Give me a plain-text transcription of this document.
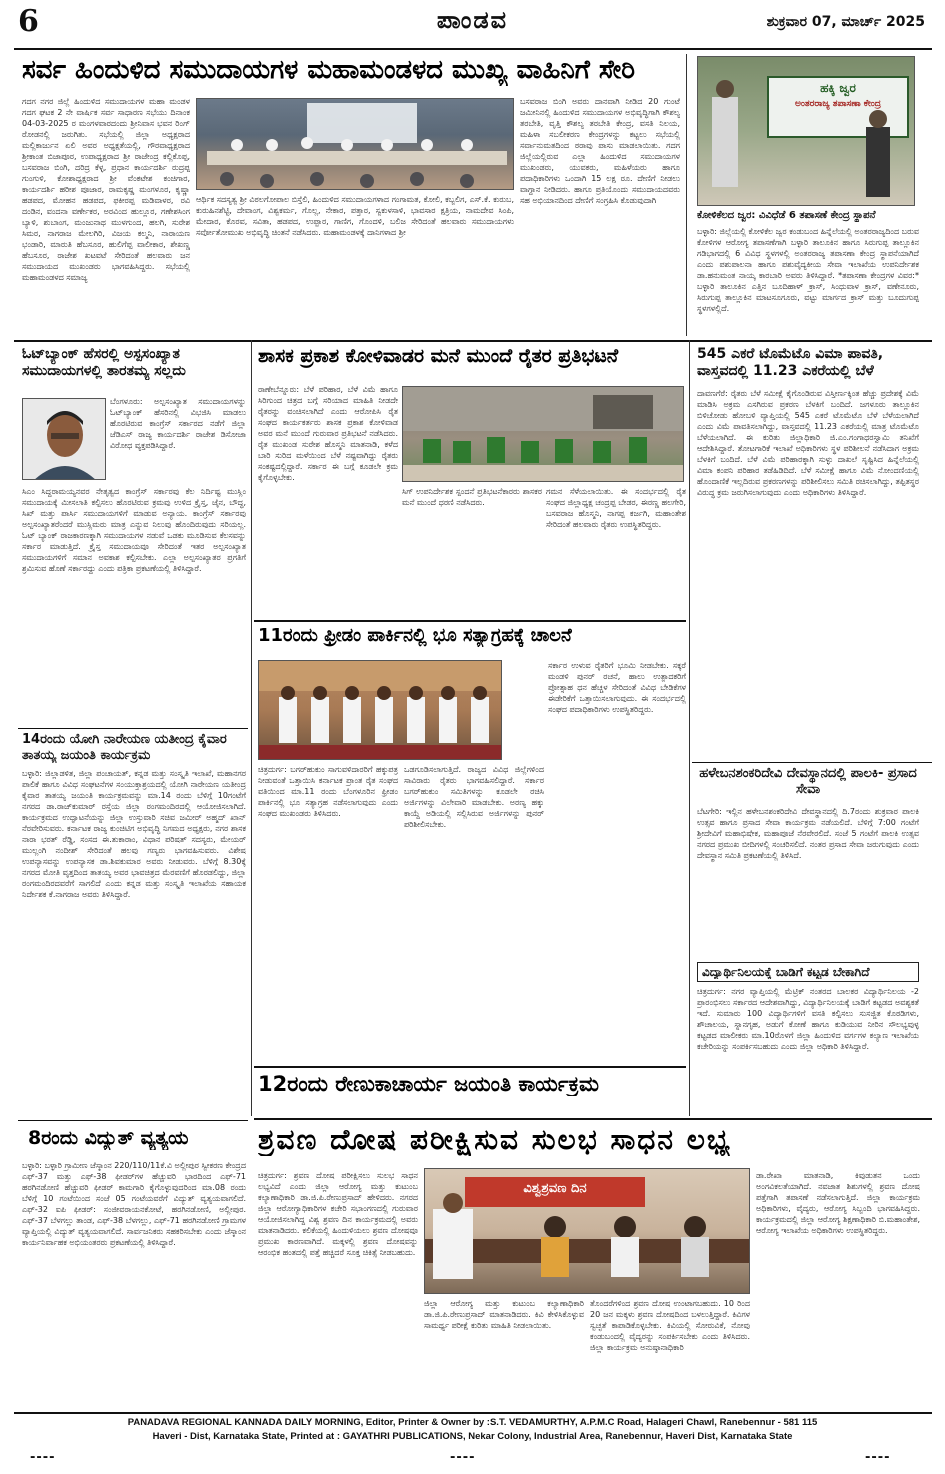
6	ಪಾಂಡವ	ಶುಕ್ರವಾರ 07, ಮಾರ್ಚ್ 2025
ಸರ್ವ ಹಿಂದುಳಿದ ಸಮುದಾಯಗಳ ಮಹಾಮಂಡಳದ ಮುಖ್ಯ ವಾಹಿನಿಗೆ ಸೇರಿ
ಗದಗ ನಗರ ಜಿಲ್ಲೆ ಹಿಂದುಳಿದ ಸಮುದಾಯಗಳ ಮಹಾ ಮಂಡಳ ಗದಗ ಘಟಕ 2 ನೇ ವಾರ್ಷಿಕ ಸರ್ವ ಸಾಧಾರಣ ಸಭೆಯು ದಿನಾಂಕ 04-03-2025 ರ ಮಂಗಳವಾರದಂದು ಶ್ರೀನಿವಾಸ ಭವನ ರಿಂಗ್ ರೋಡನಲ್ಲಿ ಜರುಗಿತು. ಸಭೆಯಲ್ಲಿ ಜಿಲ್ಲಾ ಅಧ್ಯಕ್ಷರಾದ ಮಲ್ಲಿಕಾರ್ಜುನ ಏಲಿ ಅವರ ಅಧ್ಯಕ್ಷತೆಯಲ್ಲಿ, ಗೌರವಾಧ್ಯಕ್ಷರಾದ ಶ್ರೀಕಾಂತ ಬಿಜಾಪೂರ, ಉಪಾಧ್ಯಕ್ಷರಾದ ಶ್ರೀ ರಾಜೇಂದ್ರ ಕಲ್ಲಿಕೊಪ್ಪ, ಬಸವರಾಜ ಬಿಂಗಿ, ದರಿದ್ರ ಕೆಳ್ಳ, ಪ್ರಧಾನ ಕಾರ್ಯದರ್ಶಿ ರುದ್ರಪ್ಪ ಗುಂಗುಳಿ, ಕೋಶಾಧ್ಯಕ್ಷರಾದ ಶ್ರೀ ವೆಂಕಟೇಶ ಕಂಚಿಗಾರ, ಕಾರ್ಯದರ್ಶಿ ಹರೀಶ ಪೂಜಾರ, ರಾಮಕೃಷ್ಣ ಮಂಗಳೂರ, ಕೃಷ್ಣಾ ಹಡಪದ, ಮೋಹನ ಹಡಪದ, ಫಕೀರಪ್ಪ ಮಡಿವಾಳರ, ರವಿ ದಂಡಿನ, ವಂದನಾ ವರ್ಣೇಕರ, ಅರವಿಂದ ಹುಲ್ಲೂರ, ಗಣೇಶಸಿಂಗ ಬ್ಯಾಳಿ, ಶುಬಾಂಗ, ಮಂಜುನಾಥ ಮುಳಗುಂದ, ಹಲಗಿ, ಸುರೇಶ ಸಿಮರ, ನಾಗರಾಜ ಮೇಲಗಿರಿ, ವಿಜಯ ಕಲ್ಮನಿ, ನಾರಾಯಣ ಭಂಡಾರಿ, ಮಾರುತಿ ಹೆಬಸೂರ, ಹುಲಿಗೆಪ್ಪ ವಾಲೀಕಾರ, ಶೇಖಣ್ಣ ಹೆಬಸೂರ, ರಾಜೇಶ ಖಟವಟೆ ಸೇರಿದಂತೆ ಹಲವಾರು ಜನ ಸಮುದಾಯದ ಮುಖಂಡರು ಭಾಗವಹಿಸಿದ್ದರು. ಸಭೆಯಲ್ಲಿ ಮಹಾಮಂಡಳದ ಸಮಾಜ್ಯ
ಆರ್ಥಿಕ ಸದಸ್ಯತ್ವ ಶ್ರೀ ವಿಠಲಗೋಪಾಲ ಬಿಸ್ತೆಲಿ, ಹಿಂದುಳಿದ ಸಮುದಾಯಗಳಾದ ಗಂಗಾಮತ, ಕೋಲಿ, ಕಬ್ಬಲಿಗ, ಎಸ್.ಕೆ. ಕುರುಬ, ಕುರುಹಿನಶೆಟ್ಟಿ, ದೇವಾಂಗ, ವಿಶ್ವಕರ್ಮ, ಗೊಲ್ಲ, ನೇಕಾರ, ಪತ್ತಾರ, ಸ್ವಕುಳಸಾಳಿ, ಭಾವಸಾರ ಕ್ಷತ್ರಿಯ, ನಾಮದೇವ ಸಿಂಪಿ, ಮೇದಾರ, ಕೊರವ, ಸವಿತಾ, ಹಡಪದ, ಉಪ್ಪಾರ, ಗಾಣಿಗ, ಗೊಂದಳಿ, ಬಲಿಜ ಸೇರಿದಂತೆ ಹಲವಾರು ಸಮುದಾಯಗಳು ಸರ್ವೋತೋಮುಖ ಅಭಿವೃದ್ಧಿ ಚಿಂತನೆ ನಡೆಸಿದರು. ಮಹಾಮಂಡಳಕ್ಕೆ ದಾನಿಗಳಾದ ಶ್ರೀ
ಬಸವರಾಜ ಬಿಂಗಿ ಅವರು ದಾನವಾಗಿ ನೀಡಿದ 20 ಗುಂಟೆ ಜಮೀನಿನಲ್ಲಿ ಹಿಂದುಳಿದ ಸಮುದಾಯಗಳ ಅಭಿವೃದ್ಧಿಗಾಗಿ ಕೌಶಲ್ಯ ತರಬೇತಿ, ವೃತ್ತಿ ಕೌಶಲ್ಯ ತರಬೇತಿ ಕೇಂದ್ರ, ವಸತಿ ನಿಲಯ, ಮಹಿಳಾ ಸಬಲೀಕರಣ ಕೇಂದ್ರಗಳನ್ನು ಕಟ್ಟಲು ಸಭೆಯಲ್ಲಿ ಸರ್ವಾನುಮತದಿಂದ ಠರಾವು ಪಾಸು ಮಾಡಲಾಯಿತು. ಗದಗ ಜಿಲ್ಲೆಯಲ್ಲಿರುವ ಎಲ್ಲಾ ಹಿಂದುಳಿದ ಸಮುದಾಯಗಳ ಮುಖಂಡರು, ಯುವಕರು, ಮಹಿಳೆಯರು ಹಾಗೂ ಪದಾಧಿಕಾರಿಗಳು ಒಂದಾಗಿ 15 ಲಕ್ಷ ರೂ. ದೇಣಿಗೆ ನೀಡಲು ವಾಗ್ದಾನ ನೀಡಿದರು. ಹಾಗೂ ಪ್ರತಿಯೊಂದು ಸಮುದಾಯದವರು ಸಹ ಅಭಿಯಾನದಿಂದ ದೇಣಿಗೆ ಸಂಗ್ರಹಿಸಿ ಕೊಡುವುದಾಗಿ
ಹಕ್ಕಿ ಜ್ವರ
ಅಂತರರಾಜ್ಯ ತಪಾಸಣಾ ಕೇಂದ್ರ
ಕೋಳಿಕೆಲದ ಜ್ವರ: ವಿವಿಧೆಡೆ 6 ತಪಾಸಣೆ ಕೇಂದ್ರ ಸ್ಥಾಪನೆ
ಬಳ್ಳಾರಿ: ಜಿಲ್ಲೆಯಲ್ಲಿ ಕೋಳಿಕೆಲ ಜ್ವರ ಕಂಡುಬಂದ ಹಿನ್ನೆಲೆಯಲ್ಲಿ ಅಂತರರಾಜ್ಯದಿಂದ ಬರುವ ಕೋಳಿಗಳ ಆರೋಗ್ಯ ತಪಾಸಣೆಗಾಗಿ ಬಳ್ಳಾರಿ ತಾಲೂಕಿನ ಹಾಗೂ ಸಿರುಗುಪ್ಪ ತಾಲ್ಲೂಕಿನ ಗಡಿಭಾಗದಲ್ಲಿ 6 ವಿವಿಧ ಸ್ಥಳಗಳಲ್ಲಿ ಅಂತರರಾಜ್ಯ ತಪಾಸಣಾ ಕೇಂದ್ರ ಸ್ಥಾಪನೆಯಾಗಿದೆ ಎಂದು ಪಶುಪಾಲನಾ ಹಾಗೂ ಪಶುವೈದ್ಯಕೀಯ ಸೇವಾ ಇಲಾಖೆಯ ಉಪನಿರ್ದೇಶಕ ಡಾ.ಹನುಮಂತ ನಾಯ್ಕ ಕಾರಬಾರಿ ಅವರು ತಿಳಿಸಿದ್ದಾರೆ. *ತಪಾಸಣಾ ಕೇಂದ್ರಗಳ ವಿವರ:* ಬಳ್ಳಾರಿ ತಾಲೂಕಿನ ಎತ್ತಿನ ಬೂದಿಹಾಳ್ ಕ್ರಾಸ್, ಸಿಂಧುವಾಳ ಕ್ರಾಸ್, ವಣೇನೂರು, ಸಿರುಗುಪ್ಪ ತಾಲ್ಲೂಕಿನ ಮಾಟಸೂಗೂರು, ವಟ್ಟು ಮಾರ್ಗದ ಕ್ರಾಸ್ ಮತ್ತು ಬೂದುಗುಪ್ಪ ಸ್ಥಳಗಳಲ್ಲಿದೆ.
ಓಟ್‌ಬ್ಯಾಂಕ್ ಹೆಸರಲ್ಲಿ ಅಸ್ಪಸಂಖ್ಯಾತ ಸಮುದಾಯಗಳಲ್ಲಿ ತಾರತಮ್ಯ ಸಲ್ಲದು
ಬೆಂಗಳೂರು: ಅಲ್ಪಸಂಖ್ಯಾತ ಸಮುದಾಯಗಳನ್ನು ಓಟ್‌ಬ್ಯಾಂಕ್ ಹೆಸರಿನಲ್ಲಿ ವಿಭಜಿಸಿ ಮಾಡಲು ಹೊರಟಿರುವ ಕಾಂಗ್ರೆಸ್ ಸರ್ಕಾರದ ನಡೆಗೆ ಜಿಲ್ಲಾ ಜೆಡಿಎಸ್ ರಾಜ್ಯ ಕಾರ್ಯದರ್ಶಿ ರಾಜೇಶ ಡಿಸೋಜಾ ವಿರೋಧ ವ್ಯಕ್ತಪಡಿಸಿದ್ದಾರೆ.
ಸಿಎಂ ಸಿದ್ದರಾಮಯ್ಯನವರ ನೇತೃತ್ವದ ಕಾಂಗ್ರೆಸ್ ಸರ್ಕಾರವು ಕೆಲ ನಿರ್ದಿಷ್ಟ ಮುಸ್ಲಿಂ ಸಮುದಾಯಕ್ಕೆ ಮೀಸಲಾತಿ ಕಲ್ಪಿಸಲು ಹೊರಟಿರುವ ಕ್ರಮವು ಉಳಿದ ಕ್ರೈಸ್ತ, ಜೈನ, ಬೌದ್ಧ, ಸಿಖ್ ಮತ್ತು ಪಾರ್ಸಿ ಸಮುದಾಯಗಳಿಗೆ ಮಾಡುವ ಅನ್ಯಾಯ. ಕಾಂಗ್ರೆಸ್ ಸರ್ಕಾರವು ಅಲ್ಪಸಂಖ್ಯಾತರೆಂದರೆ ಮುಸ್ಲಿಮರು ಮಾತ್ರ ಎನ್ನುವ ನಿಲುವು ಹೊಂದಿರುವುದು ಸರಿಯಲ್ಲ. ಓಟ್ ಬ್ಯಾಂಕ್ ರಾಜಕಾರಣಕ್ಕಾಗಿ ಸಮುದಾಯಗಳ ನಡುವೆ ಒಡಕು ಮೂಡಿಸುವ ಕೆಲಸವನ್ನು ಸರ್ಕಾರ ಮಾಡುತ್ತಿದೆ. ಕ್ರೈಸ್ತ ಸಮುದಾಯವೂ ಸೇರಿದಂತೆ ಇತರ ಅಲ್ಪಸಂಖ್ಯಾತ ಸಮುದಾಯಗಳಿಗೆ ಸಮಾನ ಅವಕಾಶ ಕಲ್ಪಿಸಬೇಕು. ಎಲ್ಲಾ ಅಲ್ಪಸಂಖ್ಯಾತರ ಪ್ರಗತಿಗೆ ಶ್ರಮಿಸುವ ಹೊಣೆ ಸರ್ಕಾರದ್ದು ಎಂದು ಪತ್ರಿಕಾ ಪ್ರಕಟಣೆಯಲ್ಲಿ ತಿಳಿಸಿದ್ದಾರೆ.
14ರಂದು ಯೋಗಿ ನಾರೇಯಣ ಯತೀಂದ್ರ ಕೈವಾರ ತಾತಯ್ಯ ಜಯಂತಿ ಕಾರ್ಯಕ್ರಮ
ಬಳ್ಳಾರಿ: ಜಿಲ್ಲಾಡಳಿತ, ಜಿಲ್ಲಾ ಪಂಚಾಯತ್, ಕನ್ನಡ ಮತ್ತು ಸಂಸ್ಕೃತಿ ಇಲಾಖೆ, ಮಹಾನಗರ ಪಾಲಿಕೆ ಹಾಗೂ ವಿವಿಧ ಸಂಘಟನೆಗಳ ಸಂಯುಕ್ತಾಶ್ರಯದಲ್ಲಿ ಯೋಗಿ ನಾರೇಯಣ ಯತೀಂದ್ರ ಕೈವಾರ ತಾತಯ್ಯ ಜಯಂತಿ ಕಾರ್ಯಕ್ರಮವನ್ನು ಮಾ.14 ರಂದು ಬೆಳಿಗ್ಗೆ 10ಗಂಟೆಗೆ ನಗರದ ಡಾ.ರಾಜ್‌ಕುಮಾರ್ ರಸ್ತೆಯ ಜಿಲ್ಲಾ ರಂಗಮಂದಿರದಲ್ಲಿ ಆಯೋಜಿಸಲಾಗಿದೆ. ಕಾರ್ಯಕ್ರಮದ ಉದ್ಘಾಟನೆಯನ್ನು ಜಿಲ್ಲಾ ಉಸ್ತುವಾರಿ ಸಚಿವ ಜಮೀರ್ ಅಹ್ಮದ್ ಖಾನ್ ನೆರವೇರಿಸುವರು. ಕರ್ನಾಟಕ ರಾಜ್ಯ ಕುಂಚಿಟಿಗ ಅಭಿವೃದ್ಧಿ ನಿಗಮದ ಅಧ್ಯಕ್ಷರು, ನಗರ ಶಾಸಕ ನಾರಾ ಭರತ್ ರೆಡ್ಡಿ, ಸಂಸದ ಈ.ತುಕಾರಾಂ, ವಿಧಾನ ಪರಿಷತ್ ಸದಸ್ಯರು, ಮೇಯರ್ ಮುಲ್ಲಂಗಿ ನಂದೀಶ್ ಸೇರಿದಂತೆ ಹಲವು ಗಣ್ಯರು ಭಾಗವಹಿಸುವರು. ವಿಶೇಷ ಉಪನ್ಯಾಸವನ್ನು ಉಪನ್ಯಾಸಕ ಡಾ.ಶಿವಕುಮಾರ ಅವರು ನೀಡುವರು. ಬೆಳಿಗ್ಗೆ 8.30ಕ್ಕೆ ನಗರದ ಮೋತಿ ವೃತ್ತದಿಂದ ತಾತಯ್ಯ ಅವರ ಭಾವಚಿತ್ರದ ಮೆರವಣಿಗೆ ಹೊರಡಲಿದ್ದು, ಜಿಲ್ಲಾ ರಂಗಮಂದಿರದವರೆಗೆ ಸಾಗಲಿದೆ ಎಂದು ಕನ್ನಡ ಮತ್ತು ಸಂಸ್ಕೃತಿ ಇಲಾಖೆಯ ಸಹಾಯಕ ನಿರ್ದೇಶಕ ಕೆ.ನಾಗರಾಜ ಅವರು ತಿಳಿಸಿದ್ದಾರೆ.
8ರಂದು ವಿದ್ಯುತ್ ವ್ಯತ್ಯಯ
ಬಳ್ಳಾರಿ: ಬಳ್ಳಾರಿ ಗ್ರಾಮೀಣ ಜೆಸ್ಕಾಂನ 220/110/11ಕೆ.ವಿ ಅಲ್ಲೀಪುರ ಸ್ವೀಕರಣ ಕೇಂದ್ರದ ಎಫ್-37 ಮತ್ತು ಎಫ್-38 ಫೀಡರ್‌ಗಳ ಹೆಚ್ಚುವರಿ ಭಾರದಿಂದ ಎಫ್-71 ಹರಗಿನಡೋಣಿ ಹೆಚ್ಚುವರಿ ಫೀಡರ್ ಕಾಮಗಾರಿ ಕೈಗೊಳ್ಳುವುದರಿಂದ ಮಾ.08 ರಂದು ಬೆಳಿಗ್ಗೆ 10 ಗಂಟೆಯಿಂದ ಸಂಜೆ 05 ಗಂಟೆಯವರೆಗೆ ವಿದ್ಯುತ್ ವ್ಯತ್ಯಯವಾಗಲಿದೆ. ಎಫ್-32 ಐಪಿ ಫೀಡರ್: ಸಂಜೀವರಾಯನಕೋಟೆ, ಹರಗಿನಡೋಣಿ, ಅಲ್ಲೀಪುರ. ಎಫ್-37 ಬೆಳಗಲ್ಲು ತಾಂಡ, ಎಫ್-38 ಬೆಳಗಲ್ಲು, ಎಫ್-71 ಹರಗಿನಡೋಣಿ ಗ್ರಾಮಗಳ ವ್ಯಾಪ್ತಿಯಲ್ಲಿ ವಿದ್ಯುತ್ ವ್ಯತ್ಯಯವಾಗಲಿದೆ. ಸಾರ್ವಜನಿಕರು ಸಹಕರಿಸಬೇಕು ಎಂದು ಜೆಸ್ಕಾಂನ ಕಾರ್ಯನಿರ್ವಾಹಕ ಅಭಿಯಂತರರು ಪ್ರಕಟಣೆಯಲ್ಲಿ ತಿಳಿಸಿದ್ದಾರೆ.
ಶಾಸಕ ಪ್ರಕಾಶ ಕೋಳಿವಾಡರ ಮನೆ ಮುಂದೆ ರೈತರ ಪ್ರತಿಭಟನೆ
ರಾಣೇಬೆನ್ನೂರು: ಬೆಳೆ ಪರಿಹಾರ, ಬೆಳೆ ವಿಮೆ ಹಾಗೂ ಸಿರಿಗುಂದ ಚಿತ್ರದ ಬಗ್ಗೆ ಸರಿಯಾದ ಮಾಹಿತಿ ನೀಡದೇ ರೈತರನ್ನು ವಂಚಿಸಲಾಗಿದೆ ಎಂದು ಆರೋಪಿಸಿ ರೈತ ಸಂಘದ ಕಾರ್ಯಕರ್ತರು ಶಾಸಕ ಪ್ರಕಾಶ ಕೋಳಿವಾಡ ಅವರ ಮನೆ ಮುಂದೆ ಗುರುವಾರ ಪ್ರತಿಭಟನೆ ನಡೆಸಿದರು. ರೈತ ಮುಖಂಡ ಸುರೇಶ ಹೊಸ್ಮನಿ ಮಾತನಾಡಿ, ಕಳೆದ ಬಾರಿ ಸುರಿದ ಮಳೆಯಿಂದ ಬೆಳೆ ನಷ್ಟವಾಗಿದ್ದು ರೈತರು ಸಂಕಷ್ಟದಲ್ಲಿದ್ದಾರೆ. ಸರ್ಕಾರ ಈ ಬಗ್ಗೆ ಕೂಡಲೇ ಕ್ರಮ ಕೈಗೊಳ್ಳಬೇಕು.
ಸಿಗ್ ಉಪನಿರ್ದೇಶಕ ಸ್ಪಂದನೆ ಪ್ರತಿಭಟನೆಕಾರರು ಶಾಸಕರ ಮನೆ ಮುಂದೆ ಧರಣಿ ನಡೆಸಿದರು.
ಗಮನ ಸೆಳೆಯಲಾಯಿತು. ಈ ಸಂದರ್ಭದಲ್ಲಿ ರೈತ ಸಂಘದ ಜಿಲ್ಲಾಧ್ಯಕ್ಷ ಚಂದ್ರಪ್ಪ ಬೇಡರ, ಈರಣ್ಣ ಹಲಗೇರಿ, ಬಸವರಾಜ ಹೊಸ್ಮನಿ, ನಾಗಪ್ಪ ಕರ್ಜಗಿ, ಮಹಾಂತೇಶ ಸೇರಿದಂತೆ ಹಲವಾರು ರೈತರು ಉಪಸ್ಥಿತರಿದ್ದರು.
11ರಂದು ಫ್ರೀಡಂ ಪಾರ್ಕಿನಲ್ಲಿ ಭೂ ಸತ್ಯಾಗ್ರಹಕ್ಕೆ ಚಾಲನೆ
ಚಿತ್ರದುರ್ಗ: ಬಗರ್‌ಹುಕುಂ ಸಾಗುವಳಿದಾರರಿಗೆ ಹಕ್ಕುಪತ್ರ ನೀಡುವಂತೆ ಒತ್ತಾಯಿಸಿ ಕರ್ನಾಟಕ ಪ್ರಾಂತ ರೈತ ಸಂಘದ ವತಿಯಿಂದ ಮಾ.11 ರಂದು ಬೆಂಗಳೂರಿನ ಫ್ರೀಡಂ ಪಾರ್ಕಿನಲ್ಲಿ ಭೂ ಸತ್ಯಾಗ್ರಹ ನಡೆಸಲಾಗುವುದು ಎಂದು ಸಂಘದ ಮುಖಂಡರು ತಿಳಿಸಿದರು.
ಒಡಗೂಡಿಸಲಾಗುತ್ತಿದೆ. ರಾಜ್ಯದ ವಿವಿಧ ಜಿಲ್ಲೆಗಳಿಂದ ಸಾವಿರಾರು ರೈತರು ಭಾಗವಹಿಸಲಿದ್ದಾರೆ. ಸರ್ಕಾರ ಬಗರ್‌ಹುಕುಂ ಸಮಿತಿಗಳನ್ನು ಕೂಡಲೇ ರಚಿಸಿ ಅರ್ಜಿಗಳನ್ನು ವಿಲೇವಾರಿ ಮಾಡಬೇಕು. ಅರಣ್ಯ ಹಕ್ಕು ಕಾಯ್ದೆ ಅಡಿಯಲ್ಲಿ ಸಲ್ಲಿಸಿರುವ ಅರ್ಜಿಗಳನ್ನು ಪುನರ್ ಪರಿಶೀಲಿಸಬೇಕು.
ಸರ್ಕಾರ ಉಳುವ ರೈತರಿಗೆ ಭೂಮಿ ನೀಡಬೇಕು. ಸಕ್ಕರೆ ಮಂಡಳಿ ಪುನರ್ ರಚನೆ, ಹಾಲು ಉತ್ಪಾದಕರಿಗೆ ಪ್ರೋತ್ಸಾಹ ಧನ ಹೆಚ್ಚಳ ಸೇರಿದಂತೆ ವಿವಿಧ ಬೇಡಿಕೆಗಳ ಈಡೇರಿಕೆಗೆ ಒತ್ತಾಯಿಸಲಾಗುವುದು. ಈ ಸಂದರ್ಭದಲ್ಲಿ ಸಂಘದ ಪದಾಧಿಕಾರಿಗಳು ಉಪಸ್ಥಿತರಿದ್ದರು.
12ರಂದು ರೇಣುಕಾಚಾರ್ಯ ಜಯಂತಿ ಕಾರ್ಯಕ್ರಮ
545 ಎಕರೆ ಟೊಮೆಟೊ ವಿಮಾ ಪಾವತಿ, ವಾಸ್ತವದಲ್ಲಿ 11.23 ಎಕರೆಯಲ್ಲಿ ಬೆಳೆ
ದಾವಣಗೆರೆ: ರೈತರು ಬೆಳೆ ಸಮೀಕ್ಷೆ ಕೈಗೊಂಡಿರುವ ವಿಸ್ತೀರ್ಣಕ್ಕಿಂತ ಹೆಚ್ಚು ಪ್ರದೇಶಕ್ಕೆ ವಿಮೆ ಮಾಡಿಸಿ ಅಕ್ರಮ ಎಸಗಿರುವ ಪ್ರಕರಣ ಬೆಳಕಿಗೆ ಬಂದಿದೆ. ಜಗಳೂರು ತಾಲ್ಲೂಕಿನ ಬಿಳಿಚೋಡು ಹೋಬಳಿ ವ್ಯಾಪ್ತಿಯಲ್ಲಿ 545 ಎಕರೆ ಟೊಮೆಟೊ ಬೆಳೆ ಬೆಳೆಯಲಾಗಿದೆ ಎಂದು ವಿಮೆ ಪಾವತಿಸಲಾಗಿದ್ದು, ವಾಸ್ತವದಲ್ಲಿ 11.23 ಎಕರೆಯಲ್ಲಿ ಮಾತ್ರ ಟೊಮೆಟೊ ಬೆಳೆಯಲಾಗಿದೆ. ಈ ಕುರಿತು ಜಿಲ್ಲಾಧಿಕಾರಿ ಜಿ.ಎಂ.ಗಂಗಾಧರಸ್ವಾಮಿ ತನಿಖೆಗೆ ಆದೇಶಿಸಿದ್ದಾರೆ. ತೋಟಗಾರಿಕೆ ಇಲಾಖೆ ಅಧಿಕಾರಿಗಳು ಸ್ಥಳ ಪರಿಶೀಲನೆ ನಡೆಸಿದಾಗ ಅಕ್ರಮ ಬೆಳಕಿಗೆ ಬಂದಿದೆ. ಬೆಳೆ ವಿಮೆ ಪರಿಹಾರಕ್ಕಾಗಿ ಸುಳ್ಳು ದಾಖಲೆ ಸೃಷ್ಟಿಸಿದ ಹಿನ್ನೆಲೆಯಲ್ಲಿ ವಿಮಾ ಕಂಪನಿ ಪರಿಹಾರ ತಡೆಹಿಡಿದಿದೆ. ಬೆಳೆ ಸಮೀಕ್ಷೆ ಹಾಗೂ ವಿಮೆ ನೋಂದಣಿಯಲ್ಲಿ ಹೊಂದಾಣಿಕೆ ಇಲ್ಲದಿರುವ ಪ್ರಕರಣಗಳನ್ನು ಪರಿಶೀಲಿಸಲು ಸಮಿತಿ ರಚಿಸಲಾಗಿದ್ದು, ತಪ್ಪಿತಸ್ಥರ ವಿರುದ್ಧ ಕ್ರಮ ಜರುಗಿಸಲಾಗುವುದು ಎಂದು ಅಧಿಕಾರಿಗಳು ತಿಳಿಸಿದ್ದಾರೆ.
ಹಳೇಬನಶಂಕರಿದೇವಿ ದೇವಸ್ಥಾನದಲ್ಲಿ ಪಾಲಕಿ- ಪ್ರಸಾದ ಸೇವಾ
ಬೆಟಗೇರಿ: ಇಲ್ಲಿನ ಹಳೇಬನಶಂಕರಿದೇವಿ ದೇವಸ್ಥಾನದಲ್ಲಿ ದಿ.7ರಂದು ಶುಕ್ರವಾರ ಪಾಲಕಿ ಉತ್ಸವ ಹಾಗೂ ಪ್ರಸಾದ ಸೇವಾ ಕಾರ್ಯಕ್ರಮ ನಡೆಯಲಿದೆ. ಬೆಳಿಗ್ಗೆ 7:00 ಗಂಟೆಗೆ ಶ್ರೀದೇವಿಗೆ ಮಹಾಭಿಷೇಕ, ಮಹಾಪೂಜೆ ನೆರವೇರಲಿದೆ. ಸಂಜೆ 5 ಗಂಟೆಗೆ ಪಾಲಕಿ ಉತ್ಸವ ನಗರದ ಪ್ರಮುಖ ಬೀದಿಗಳಲ್ಲಿ ಸಂಚರಿಸಲಿದೆ. ನಂತರ ಪ್ರಸಾದ ಸೇವಾ ಜರುಗುವುದು ಎಂದು ದೇವಸ್ಥಾನ ಸಮಿತಿ ಪ್ರಕಟಣೆಯಲ್ಲಿ ತಿಳಿಸಿದೆ.
ವಿದ್ಯಾರ್ಥಿನಿಲಯಕ್ಕೆ ಬಾಡಿಗೆ ಕಟ್ಟಡ ಬೇಕಾಗಿದೆ
ಚಿತ್ರದುರ್ಗ: ನಗರ ವ್ಯಾಪ್ತಿಯಲ್ಲಿ ಮೆಟ್ರಿಕ್ ನಂತರದ ಬಾಲಕರ ವಿದ್ಯಾರ್ಥಿನಿಲಯ -2 ಪ್ರಾರಂಭಿಸಲು ಸರ್ಕಾರದ ಆದೇಶವಾಗಿದ್ದು, ವಿದ್ಯಾರ್ಥಿನಿಲಯಕ್ಕೆ ಬಾಡಿಗೆ ಕಟ್ಟಡದ ಅವಶ್ಯಕತೆ ಇದೆ. ಸುಮಾರು 100 ವಿದ್ಯಾರ್ಥಿಗಳಿಗೆ ವಸತಿ ಕಲ್ಪಿಸಲು ಸುಸಜ್ಜಿತ ಕೊಠಡಿಗಳು, ಶೌಚಾಲಯ, ಸ್ನಾನಗೃಹ, ಅಡುಗೆ ಕೋಣೆ ಹಾಗೂ ಕುಡಿಯುವ ನೀರಿನ ಸೌಲಭ್ಯವುಳ್ಳ ಕಟ್ಟಡದ ಮಾಲೀಕರು ಮಾ.10ರೊಳಗೆ ಜಿಲ್ಲಾ ಹಿಂದುಳಿದ ವರ್ಗಗಳ ಕಲ್ಯಾಣ ಇಲಾಖೆಯ ಕಚೇರಿಯನ್ನು ಸಂಪರ್ಕಿಸಬಹುದು ಎಂದು ಜಿಲ್ಲಾ ಅಧಿಕಾರಿ ತಿಳಿಸಿದ್ದಾರೆ.
ಶ್ರವಣ ದೋಷ ಪರೀಕ್ಷಿಸುವ ಸುಲಭ ಸಾಧನ ಲಭ್ಯ
ಚಿತ್ರದುರ್ಗ: ಶ್ರವಣ ದೋಷ ಪರೀಕ್ಷಿಸಲು ಸುಲಭ ಸಾಧನ ಲಭ್ಯವಿದೆ ಎಂದು ಜಿಲ್ಲಾ ಆರೋಗ್ಯ ಮತ್ತು ಕುಟುಂಬ ಕಲ್ಯಾಣಾಧಿಕಾರಿ ಡಾ.ಜಿ.ಪಿ.ರೇಣುಪ್ರಸಾದ್ ಹೇಳಿದರು. ನಗರದ ಜಿಲ್ಲಾ ಆರೋಗ್ಯಾಧಿಕಾರಿಗಳ ಕಚೇರಿ ಸಭಾಂಗಣದಲ್ಲಿ ಗುರುವಾರ ಆಯೋಜಿಸಲಾಗಿದ್ದ ವಿಶ್ವ ಶ್ರವಣ ದಿನ ಕಾರ್ಯಕ್ರಮದಲ್ಲಿ ಅವರು ಮಾತನಾಡಿದರು. ಕಲಿಕೆಯಲ್ಲಿ ಹಿಂದುಳಿಯಲು ಶ್ರವಣ ದೋಷವೂ ಪ್ರಮುಖ ಕಾರಣವಾಗಿದೆ. ಮಕ್ಕಳಲ್ಲಿ ಶ್ರವಣ ದೋಷವನ್ನು ಆರಂಭಿಕ ಹಂತದಲ್ಲಿ ಪತ್ತೆ ಹಚ್ಚಿದರೆ ಸೂಕ್ತ ಚಿಕಿತ್ಸೆ ನೀಡಬಹುದು.
ವಿಶ್ವಶ್ರವಣ ದಿನ
ಜಿಲ್ಲಾ ಆರೋಗ್ಯ ಮತ್ತು ಕುಟುಂಬ ಕಲ್ಯಾಣಾಧಿಕಾರಿ ಡಾ.ಜಿ.ಪಿ.ರೇಣುಪ್ರಸಾದ್ ಮಾತನಾಡಿದರು. ಕಿವಿ ಕೇಳಿಸಿಕೊಳ್ಳುವ ಸಾಮರ್ಥ್ಯ ಪರೀಕ್ಷೆ ಕುರಿತು ಮಾಹಿತಿ ನೀಡಲಾಯಿತು.
ತೊಂದರೆಗಳಿಂದ ಶ್ರವಣ ದೋಷ ಉಂಟಾಗಬಹುದು. 10 ರಿಂದ 20 ಜನ ಮಕ್ಕಳು ಶ್ರವಣ ದೋಷದಿಂದ ಬಳಲುತ್ತಿದ್ದಾರೆ. ಕಿವಿಗಳ ಸ್ವಚ್ಛತೆ ಕಾಪಾಡಿಕೊಳ್ಳಬೇಕು. ಕಿವಿಯಲ್ಲಿ ಸೋರುವಿಕೆ, ನೋವು ಕಂಡುಬಂದಲ್ಲಿ ವೈದ್ಯರನ್ನು ಸಂಪರ್ಕಿಸಬೇಕು ಎಂದು ತಿಳಿಸಿದರು. ಜಿಲ್ಲಾ ಕಾರ್ಯಕ್ರಮ ಅನುಷ್ಠಾನಾಧಿಕಾರಿ
ಡಾ.ರೇಖಾ ಮಾತನಾಡಿ, ಕಿವುಡುತನ ಒಂದು ಅಂಗವಿಕಲತೆಯಾಗಿದೆ. ನವಜಾತ ಶಿಶುಗಳಲ್ಲಿ ಶ್ರವಣ ದೋಷ ಪತ್ತೆಗಾಗಿ ತಪಾಸಣೆ ನಡೆಸಲಾಗುತ್ತಿದೆ. ಜಿಲ್ಲಾ ಕಾರ್ಯಕ್ರಮ ಅಧಿಕಾರಿಗಳು, ವೈದ್ಯರು, ಆರೋಗ್ಯ ಸಿಬ್ಬಂದಿ ಭಾಗವಹಿಸಿದ್ದರು. ಕಾರ್ಯಕ್ರಮದಲ್ಲಿ ಜಿಲ್ಲಾ ಆರೋಗ್ಯ ಶಿಕ್ಷಣಾಧಿಕಾರಿ ಬಿ.ಮಹಾಂತೇಶ, ಆರೋಗ್ಯ ಇಲಾಖೆಯ ಅಧಿಕಾರಿಗಳು ಉಪಸ್ಥಿತರಿದ್ದರು.
PANADAVA REGIONAL KANNADA DAILY MORNING, Editor, Printer & Owner by :S.T. VEDAMURTHY, A.P.M.C Road, Halageri Chawl, Ranebennur - 581 115
Haveri - Dist, Karnataka State, Printed at : GAYATHRI PUBLICATIONS, Nekar Colony, Industrial Area, Ranebennur, Haveri Dist, Karnataka State
----	----	----
